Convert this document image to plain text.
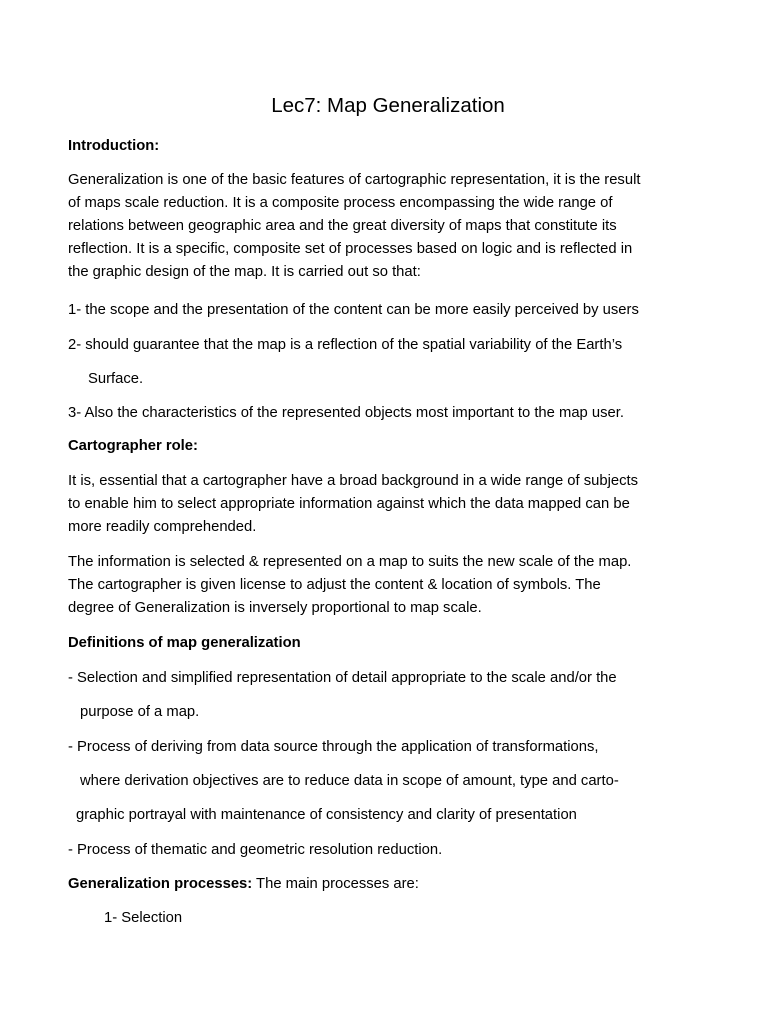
Lec7: Map Generalization
Introduction:
Generalization is one of the basic features of cartographic representation, it is the result
of maps scale reduction. It is a composite process encompassing the wide range of
relations between geographic area and the great diversity of maps that constitute its
reflection. It is a specific, composite set of processes based on logic and is reflected in
the graphic design of the map. It is carried out so that:
1- the scope and the presentation of the content can be more easily perceived by users
2- should guarantee that the map is a reflection of the spatial variability of the Earth’s
Surface.
3- Also the characteristics of the represented objects most important to the map user.
Cartographer role:
It is, essential that a cartographer have a broad background in a wide range of subjects
to enable him to select appropriate information against which the data mapped can be
more readily comprehended.
The information is selected & represented on a map to suits the new scale of the map.
The cartographer is given license to adjust the content & location of symbols. The
degree of Generalization is inversely proportional to map scale.
Definitions of map generalization
- Selection and simplified representation of detail appropriate to the scale and/or the
purpose of a map.
- Process of deriving from data source through the application of transformations,
where derivation objectives are to reduce data in scope of amount, type and carto-
graphic portrayal with maintenance of consistency and clarity of presentation
- Process of thematic and geometric resolution reduction.
Generalization processes: The main processes are:
1- Selection
